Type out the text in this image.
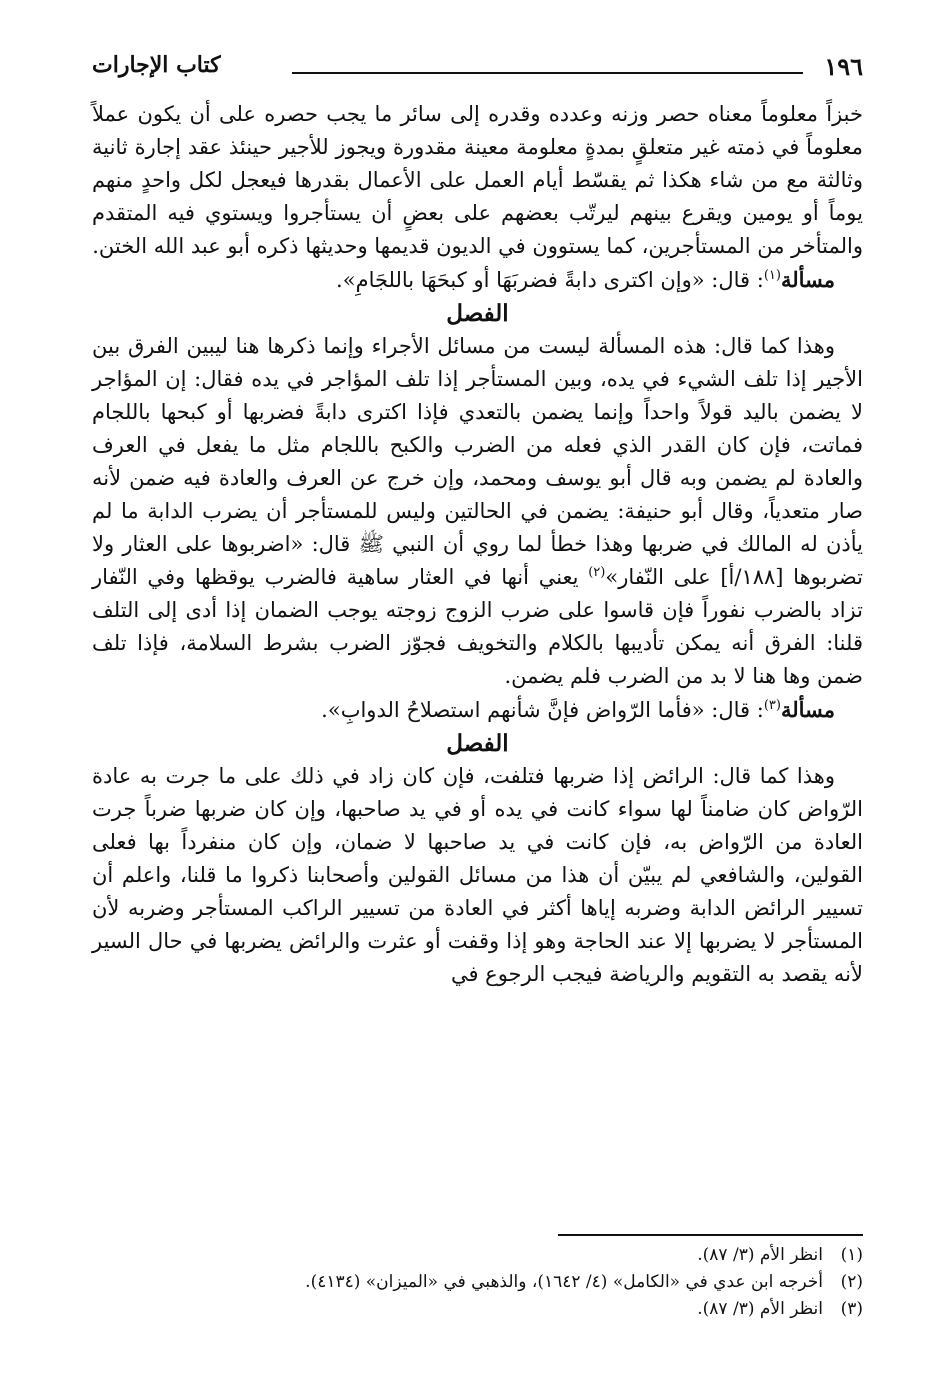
١٩٦
كتاب الإجارات

خبزاً معلوماً معناه حصر وزنه وعدده وقدره إلى سائر ما يجب حصره على أن يكون عملاً معلوماً في ذمته غير متعلقٍ بمدةٍ معلومة معينة مقدورة ويجوز للأجير حينئذ عقد إجارة ثانية وثالثة مع من شاء هكذا ثم يقسّط أيام العمل على الأعمال بقدرها فيعجل لكل واحدٍ منهم يوماً أو يومين ويقرع بينهم ليرتّب بعضهم على بعضٍ أن يستأجروا ويستوي فيه المتقدم والمتأخر من المستأجرين، كما يستوون في الديون قديمها وحديثها ذكره أبو عبد الله الختن.

مسألة$^{(١)}$: قال: «وإن اكترى دابةً فضربَهَا أو كبحَهَا باللجَامِ».

الفصل

وهذا كما قال: هذه المسألة ليست من مسائل الأجراء وإنما ذكرها هنا ليبين الفرق بين الأجير إذا تلف الشيء في يده، وبين المستأجر إذا تلف المؤاجر في يده فقال: إن المؤاجر لا يضمن باليد قولاً واحداً وإنما يضمن بالتعدي فإذا اكترى دابةً فضربها أو كبحها باللجام فماتت، فإن كان القدر الذي فعله من الضرب والكبح باللجام مثل ما يفعل في العرف والعادة لم يضمن وبه قال أبو يوسف ومحمد، وإن خرج عن العرف والعادة فيه ضمن لأنه صار متعدياً، وقال أبو حنيفة: يضمن في الحالتين وليس للمستأجر أن يضرب الدابة ما لم يأذن له المالك في ضربها وهذا خطأ لما روي أن النبي ﷺ قال: «اضربوها على العثار ولا تضربوها [١٨٨/أ] على النّفار»$^{(٢)}$ يعني أنها في العثار ساهية فالضرب يوقظها وفي النّفار تزاد بالضرب نفوراً فإن قاسوا على ضرب الزوج زوجته يوجب الضمان إذا أدى إلى التلف قلنا: الفرق أنه يمكن تأديبها بالكلام والتخويف فجوّز الضرب بشرط السلامة، فإذا تلف ضمن وها هنا لا بد من الضرب فلم يضمن.

مسألة$^{(٣)}$: قال: «فأما الرّواض فإنَّ شأنهم استصلاحُ الدوابِ».

الفصل

وهذا كما قال: الرائض إذا ضربها فتلفت، فإن كان زاد في ذلك على ما جرت به عادة الرّواض كان ضامناً لها سواء كانت في يده أو في يد صاحبها، وإن كان ضربها ضرباً جرت العادة من الرّواض به، فإن كانت في يد صاحبها لا ضمان، وإن كان منفرداً بها فعلى القولين، والشافعي لم يبيّن أن هذا من مسائل القولين وأصحابنا ذكروا ما قلنا، واعلم أن تسيير الرائض الدابة وضربه إياها أكثر في العادة من تسيير الراكب المستأجر وضربه لأن المستأجر لا يضربها إلا عند الحاجة وهو إذا وقفت أو عثرت والرائض يضربها في حال السير لأنه يقصد به التقويم والرياضة فيجب الرجوع في

(١)انظر الأم (٣/ ٨٧).

(٢)أخرجه ابن عدي في «الكامل» (٤/ ١٦٤٢)، والذهبي في «الميزان» (٤١٣٤).

(٣)انظر الأم (٣/ ٨٧).
